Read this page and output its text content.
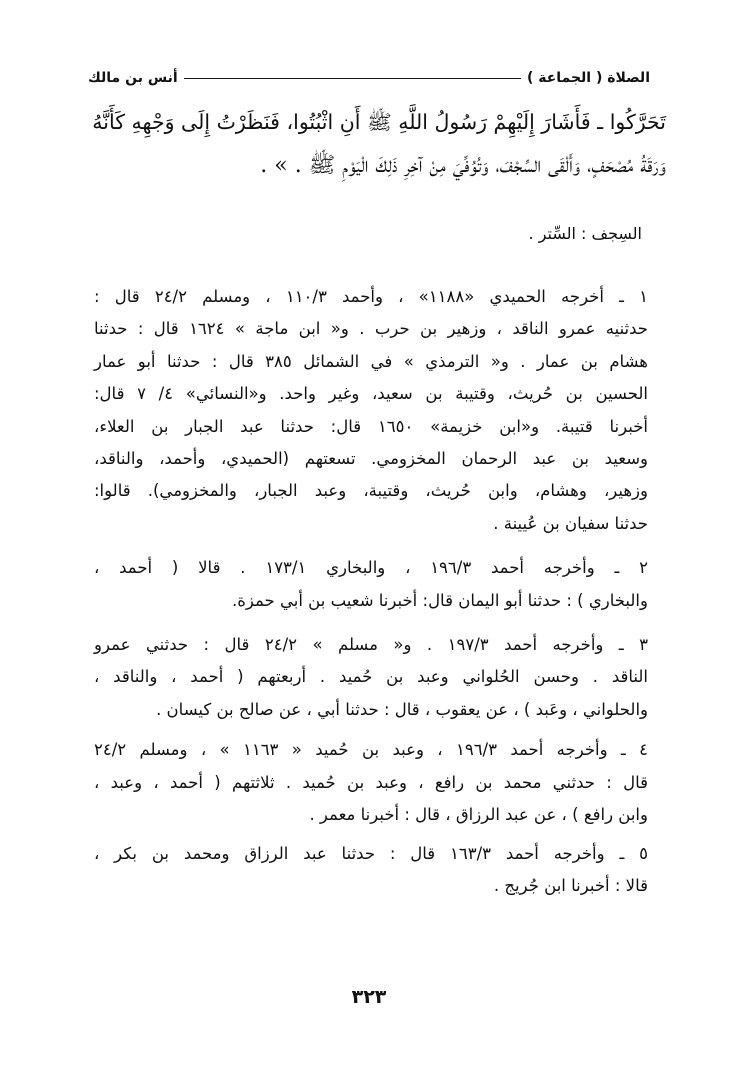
الصلاة ( الجماعة )
أنس بن مالك

تَحَرَّكُوا ـ فَأَشَارَ إِلَيْهِمْ رَسُولُ اللَّهِ ﷺ أَنِ اثْبُتُوا، فَنَظَرْتُ إِلَى وَجْهِهِ كَأَنَّهُ

وَرَقَةُ مُصْحَفٍ، وَأَلْقَى السِّجْفَ، وَتُوُفِّيَ مِنْ آخِرِ ذَلِكَ الْيَوْمِ ﷺ . » .

السِجف : السِّتر .
١ ـ أخرجه الحميدي «١١٨٨» ، وأحمد ١١٠/٣ ، ومسلم ٢٤/٢ قال :
حدثنيه عمرو الناقد ، وزهير بن حرب . و« ابن ماجة » ١٦٢٤ قال : حدثنا
هشام بن عمار . و« الترمذي » في الشمائل ٣٨٥ قال : حدثنا أبو عمار
الحسين بن حُريث، وقتيبة بن سعيد، وغير واحد. و«النسائي» ٤/ ٧ قال:
أخبرنا قتيبة. و«ابن خزيمة» ١٦٥٠ قال: حدثنا عبد الجبار بن العلاء،
وسعيد بن عبد الرحمان المخزومي. تسعتهم (الحميدي، وأحمد، والناقد،
وزهير، وهشام، وابن حُريث، وقتيبة، وعبد الجبار، والمخزومي). قالوا:
حدثنا سفيان بن عُيينة .
٢ ـ وأخرجه أحمد ١٩٦/٣ ، والبخاري ١٧٣/١ . قالا ( أحمد ،
والبخاري ) : حدثنا أبو اليمان قال: أخبرنا شعيب بن أبي حمزة.
٣ ـ وأخرجه أحمد ١٩٧/٣ . و« مسلم » ٢٤/٢ قال : حدثني عمرو
الناقد . وحسن الحُلواني وعبد بن حُميد . أربعتهم ( أحمد ، والناقد ،
والحلواني ، وعَبد ) ، عن يعقوب ، قال : حدثنا أبي ، عن صالح بن كيسان .
٤ ـ وأخرجه أحمد ١٩٦/٣ ، وعبد بن حُميد « ١١٦٣ » ، ومسلم ٢٤/٢
قال : حدثني محمد بن رافع ، وعبد بن حُميد . ثلاثتهم ( أحمد ، وعبد ،
وابن رافع ) ، عن عبد الرزاق ، قال : أخبرنا معمر .
٥ ـ وأخرجه أحمد ١٦٣/٣ قال : حدثنا عبد الرزاق ومحمد بن بكر ،
قالا : أخبرنا ابن جُريج .
٣٢٣
